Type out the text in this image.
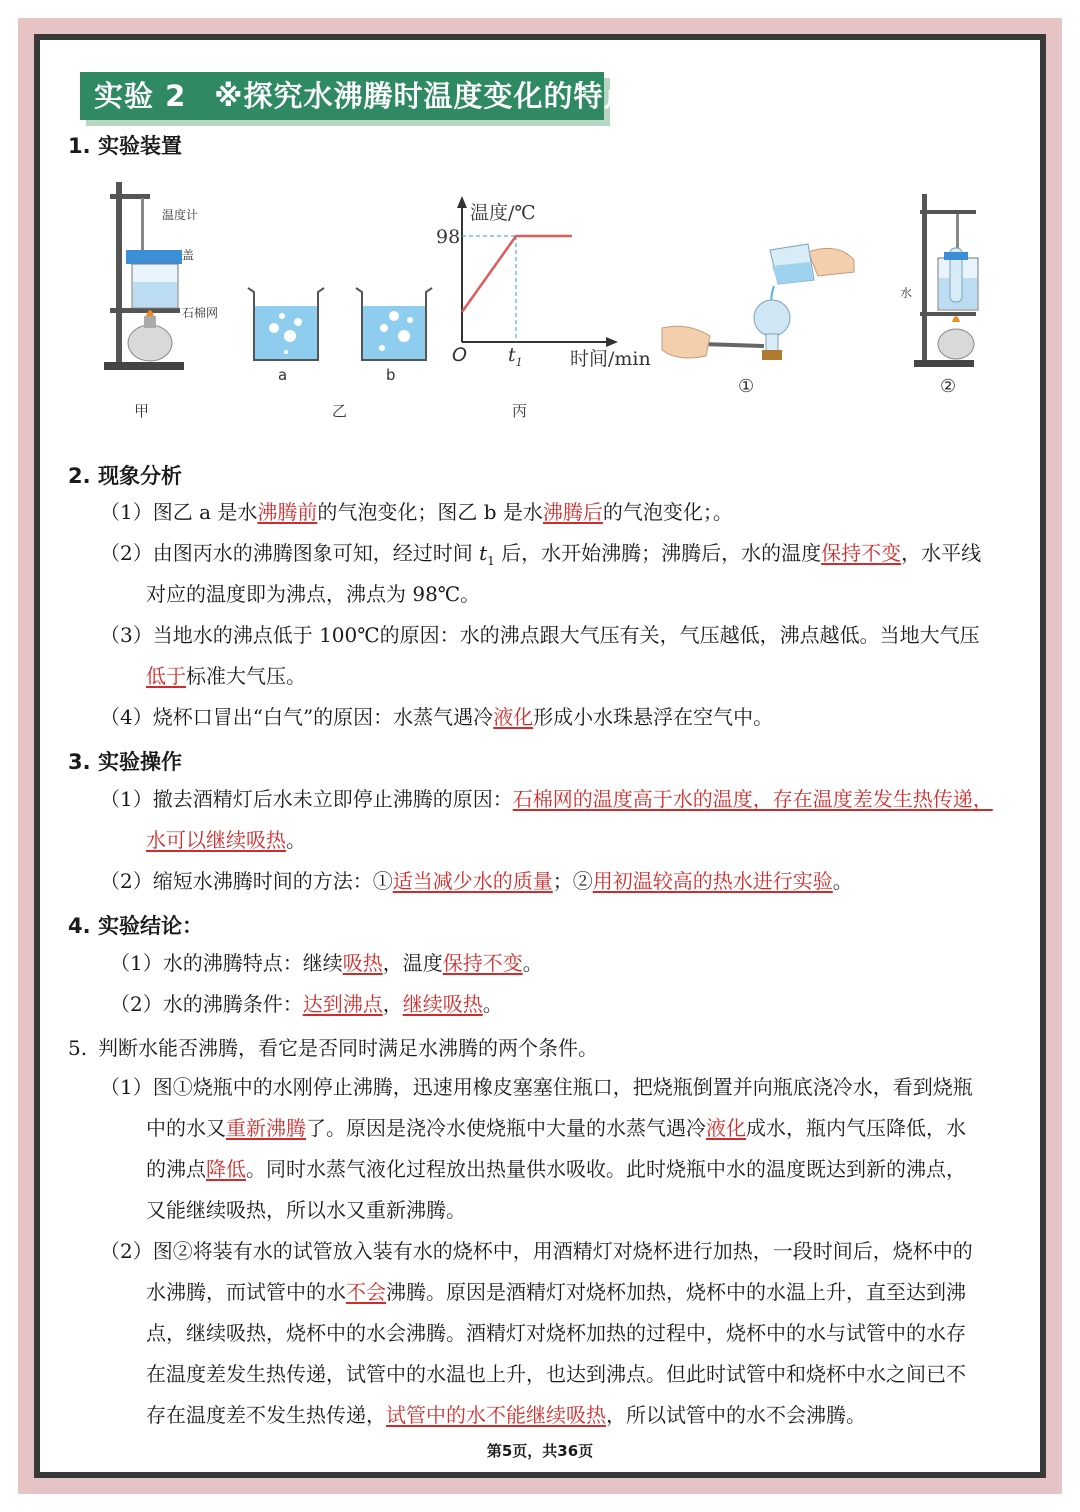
实验 2 ※探究水沸腾时温度变化的特点
1. 实验装置
温度计
盖
石棉网
a	b
温度/℃
98
O $t_1$ 时间/min
①
水
②
甲	乙	丙
2. 现象分析
（1）图乙 a 是水沸腾前的气泡变化；图乙 b 是水沸腾后的气泡变化；。
（2）由图丙水的沸腾图象可知，经过时间 $t_1$ 后，水开始沸腾；沸腾后，水的温度保持不变，水平线
对应的温度即为沸点，沸点为 98℃。
（3）当地水的沸点低于 100℃的原因：水的沸点跟大气压有关，气压越低，沸点越低。当地大气压
低于标准大气压。
（4）烧杯口冒出“白气”的原因：水蒸气遇冷液化形成小水珠悬浮在空气中。
3. 实验操作
（1）撤去酒精灯后水未立即停止沸腾的原因：石棉网的温度高于水的温度，存在温度差发生热传递，
水可以继续吸热。
（2）缩短水沸腾时间的方法：①适当减少水的质量；②用初温较高的热水进行实验。
4. 实验结论：
（1）水的沸腾特点：继续吸热，温度保持不变。
（2）水的沸腾条件：达到沸点，继续吸热。
5. 判断水能否沸腾，看它是否同时满足水沸腾的两个条件。
（1）图①烧瓶中的水刚停止沸腾，迅速用橡皮塞塞住瓶口，把烧瓶倒置并向瓶底浇冷水，看到烧瓶
中的水又重新沸腾了。原因是浇冷水使烧瓶中大量的水蒸气遇冷液化成水，瓶内气压降低，水
的沸点降低。同时水蒸气液化过程放出热量供水吸收。此时烧瓶中水的温度既达到新的沸点，
又能继续吸热，所以水又重新沸腾。
（2）图②将装有水的试管放入装有水的烧杯中，用酒精灯对烧杯进行加热，一段时间后，烧杯中的
水沸腾，而试管中的水不会沸腾。原因是酒精灯对烧杯加热，烧杯中的水温上升，直至达到沸
点，继续吸热，烧杯中的水会沸腾。酒精灯对烧杯加热的过程中，烧杯中的水与试管中的水存
在温度差发生热传递，试管中的水温也上升，也达到沸点。但此时试管中和烧杯中水之间已不
存在温度差不发生热传递，试管中的水不能继续吸热，所以试管中的水不会沸腾。
第5页，共36页
